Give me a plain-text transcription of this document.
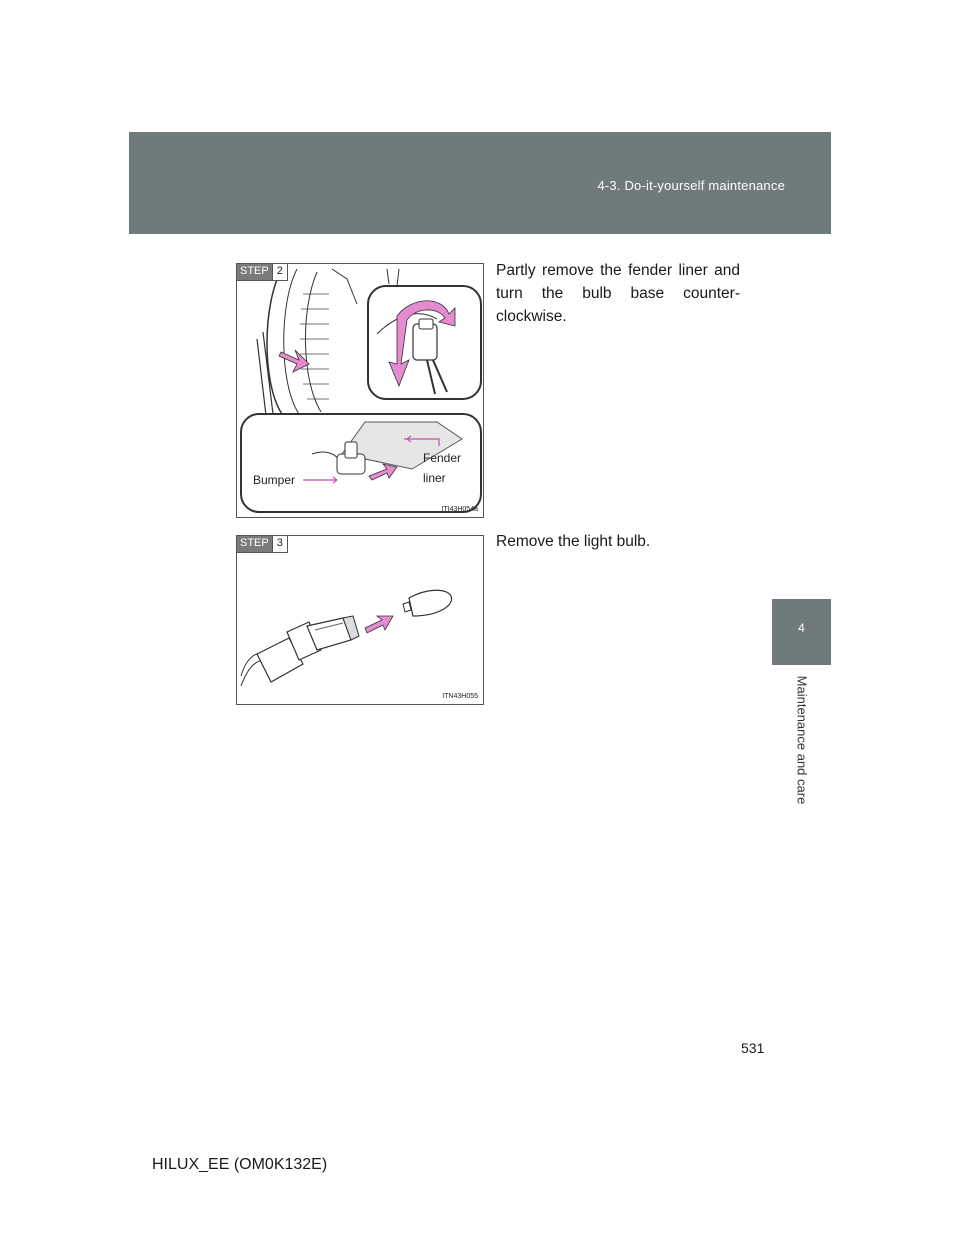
4-3. Do-it-yourself maintenance
4
Maintenance and care
STEP 2
Fender
liner
Bumper
ITI43H054a
Partly remove the fender liner and turn the bulb base counter-clockwise.
STEP 3
ITN43H055
Remove the light bulb.
531
HILUX_EE (OM0K132E)
